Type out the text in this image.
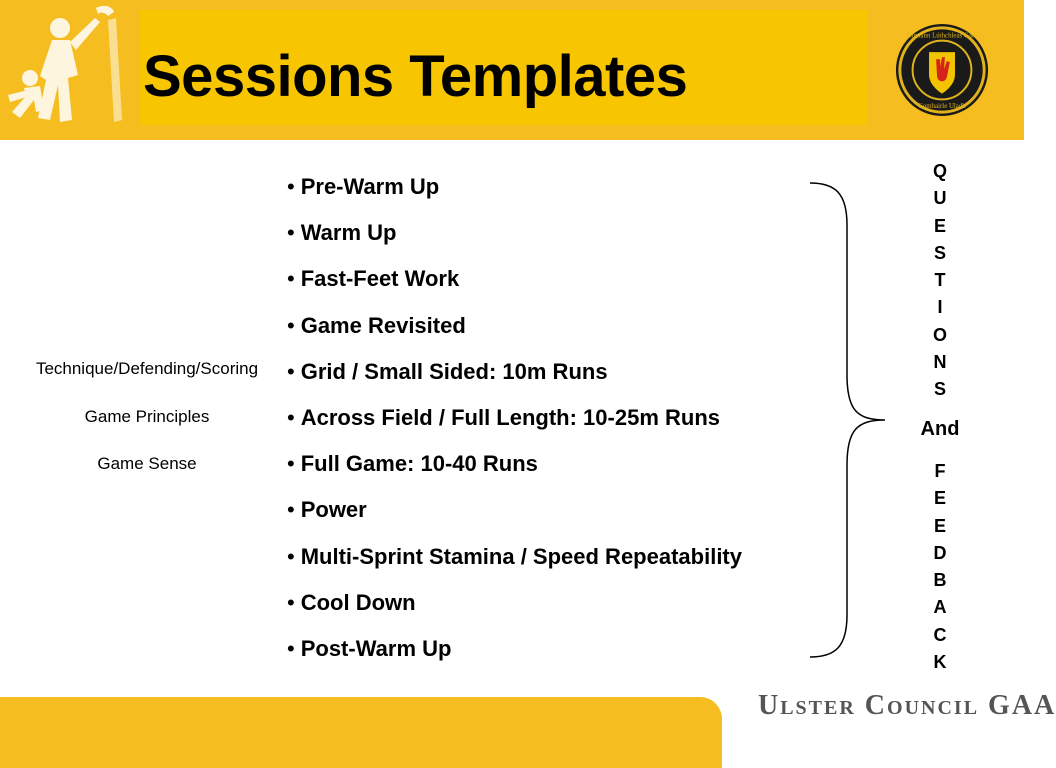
Sessions Templates
Cumann Lúthchleas Gael
Comhairle Uladh
Technique/Defending/Scoring
Game Principles
Game Sense
• Pre-Warm Up
• Warm Up
• Fast-Feet Work
• Game Revisited
• Grid / Small Sided: 10m Runs
• Across Field / Full Length: 10-25m Runs
• Full Game: 10-40 Runs
• Power
• Multi-Sprint Stamina / Speed Repeatability
• Cool Down
• Post-Warm Up
Q
U
E
S
T
I
O
N
S
And
F
E
E
D
B
A
C
K
Ulster Council GAA
